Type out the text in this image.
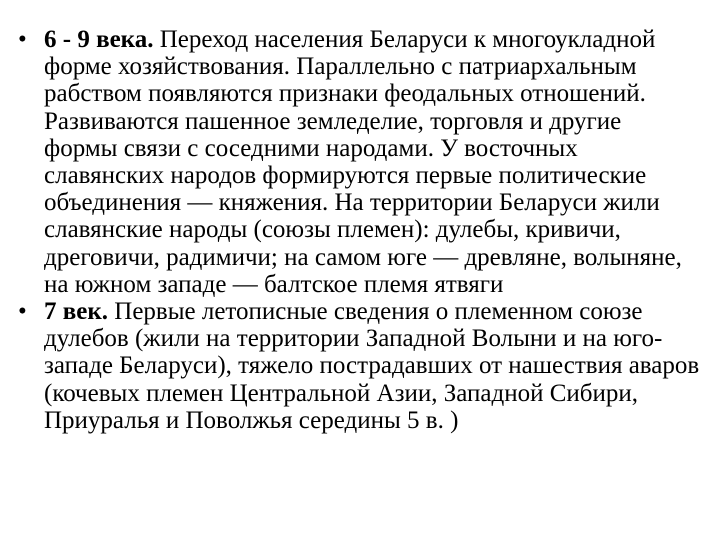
• 6 - 9 века. Переход населения Беларуси к многоукладной форме хозяйствования. Параллельно с патриархальным рабством появляются признаки феодальных отношений. Развиваются пашенное земледелие, торговля и другие формы связи с соседними народами. У восточных славянских народов формируются первые политические объединения — княжения. На территории Беларуси жили славянские народы (союзы племен): дулебы, кривичи, дреговичи, радимичи; на самом юге — древляне, волыняне, на южном западе — балтское племя ятвяги

• 7 век. Первые летописные сведения о племенном союзе дулебов (жили на территории Западной Волыни и на юго-западе Беларуси), тяжело пострадавших от нашествия аваров (кочевых племен Центральной Азии, Западной Сибири, Приуралья и Поволжья середины 5 в. )
